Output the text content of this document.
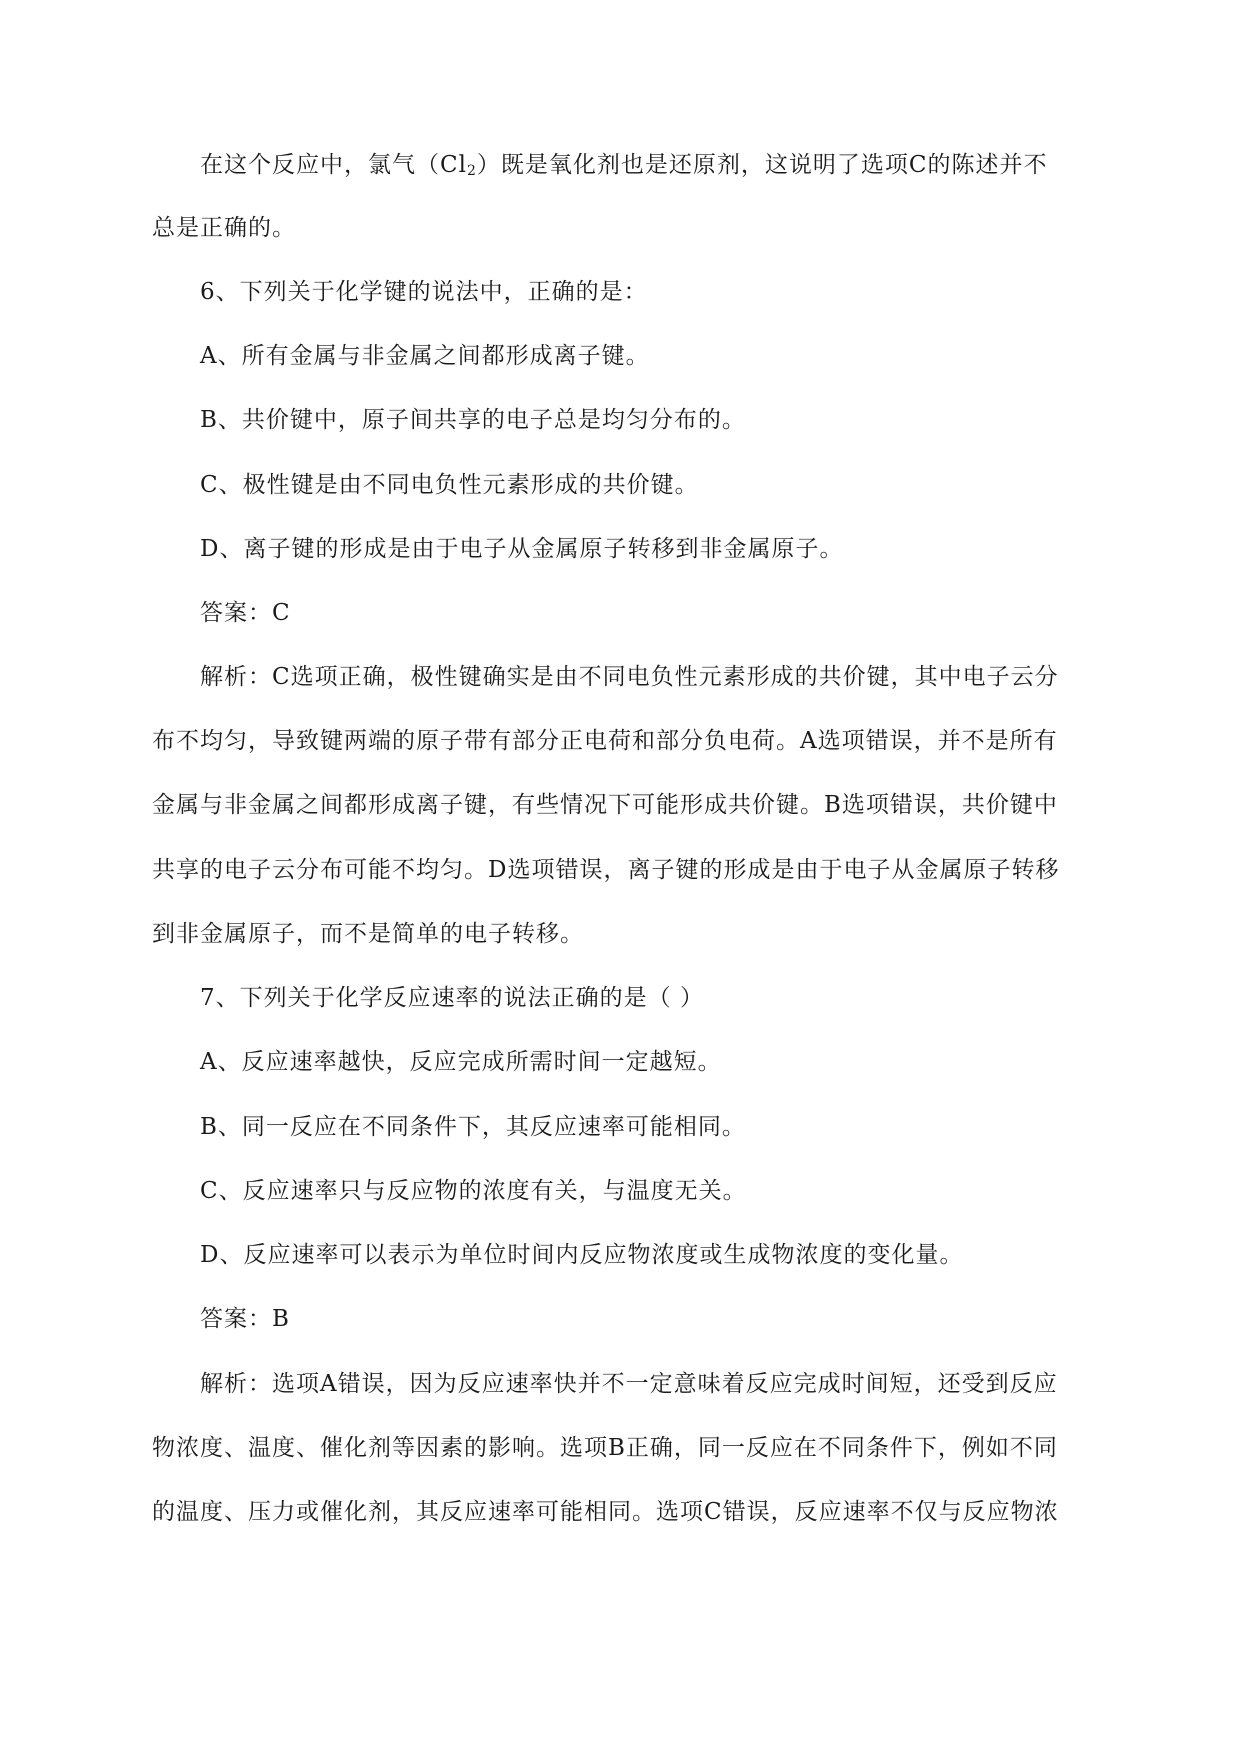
在这个反应中，氯气$(Cl_2)$既是氧化剂也是还原剂，这说明了选项C的陈述并不
总是正确的。
6、下列关于化学键的说法中，正确的是：
A、所有金属与非金属之间都形成离子键。
B、共价键中，原子间共享的电子总是均匀分布的。
C、极性键是由不同电负性元素形成的共价键。
D、离子键的形成是由于电子从金属原子转移到非金属原子。
答案：C
解析：C选项正确，极性键确实是由不同电负性元素形成的共价键，其中电子云分
布不均匀，导致键两端的原子带有部分正电荷和部分负电荷。A选项错误，并不是所有
金属与非金属之间都形成离子键，有些情况下可能形成共价键。B选项错误，共价键中
共享的电子云分布可能不均匀。D选项错误，离子键的形成是由于电子从金属原子转移
到非金属原子，而不是简单的电子转移。
7、下列关于化学反应速率的说法正确的是（ ）
A、反应速率越快，反应完成所需时间一定越短。
B、同一反应在不同条件下，其反应速率可能相同。
C、反应速率只与反应物的浓度有关，与温度无关。
D、反应速率可以表示为单位时间内反应物浓度或生成物浓度的变化量。
答案：B
解析：选项A错误，因为反应速率快并不一定意味着反应完成时间短，还受到反应
物浓度、温度、催化剂等因素的影响。选项B正确，同一反应在不同条件下，例如不同
的温度、压力或催化剂，其反应速率可能相同。选项C错误，反应速率不仅与反应物浓
